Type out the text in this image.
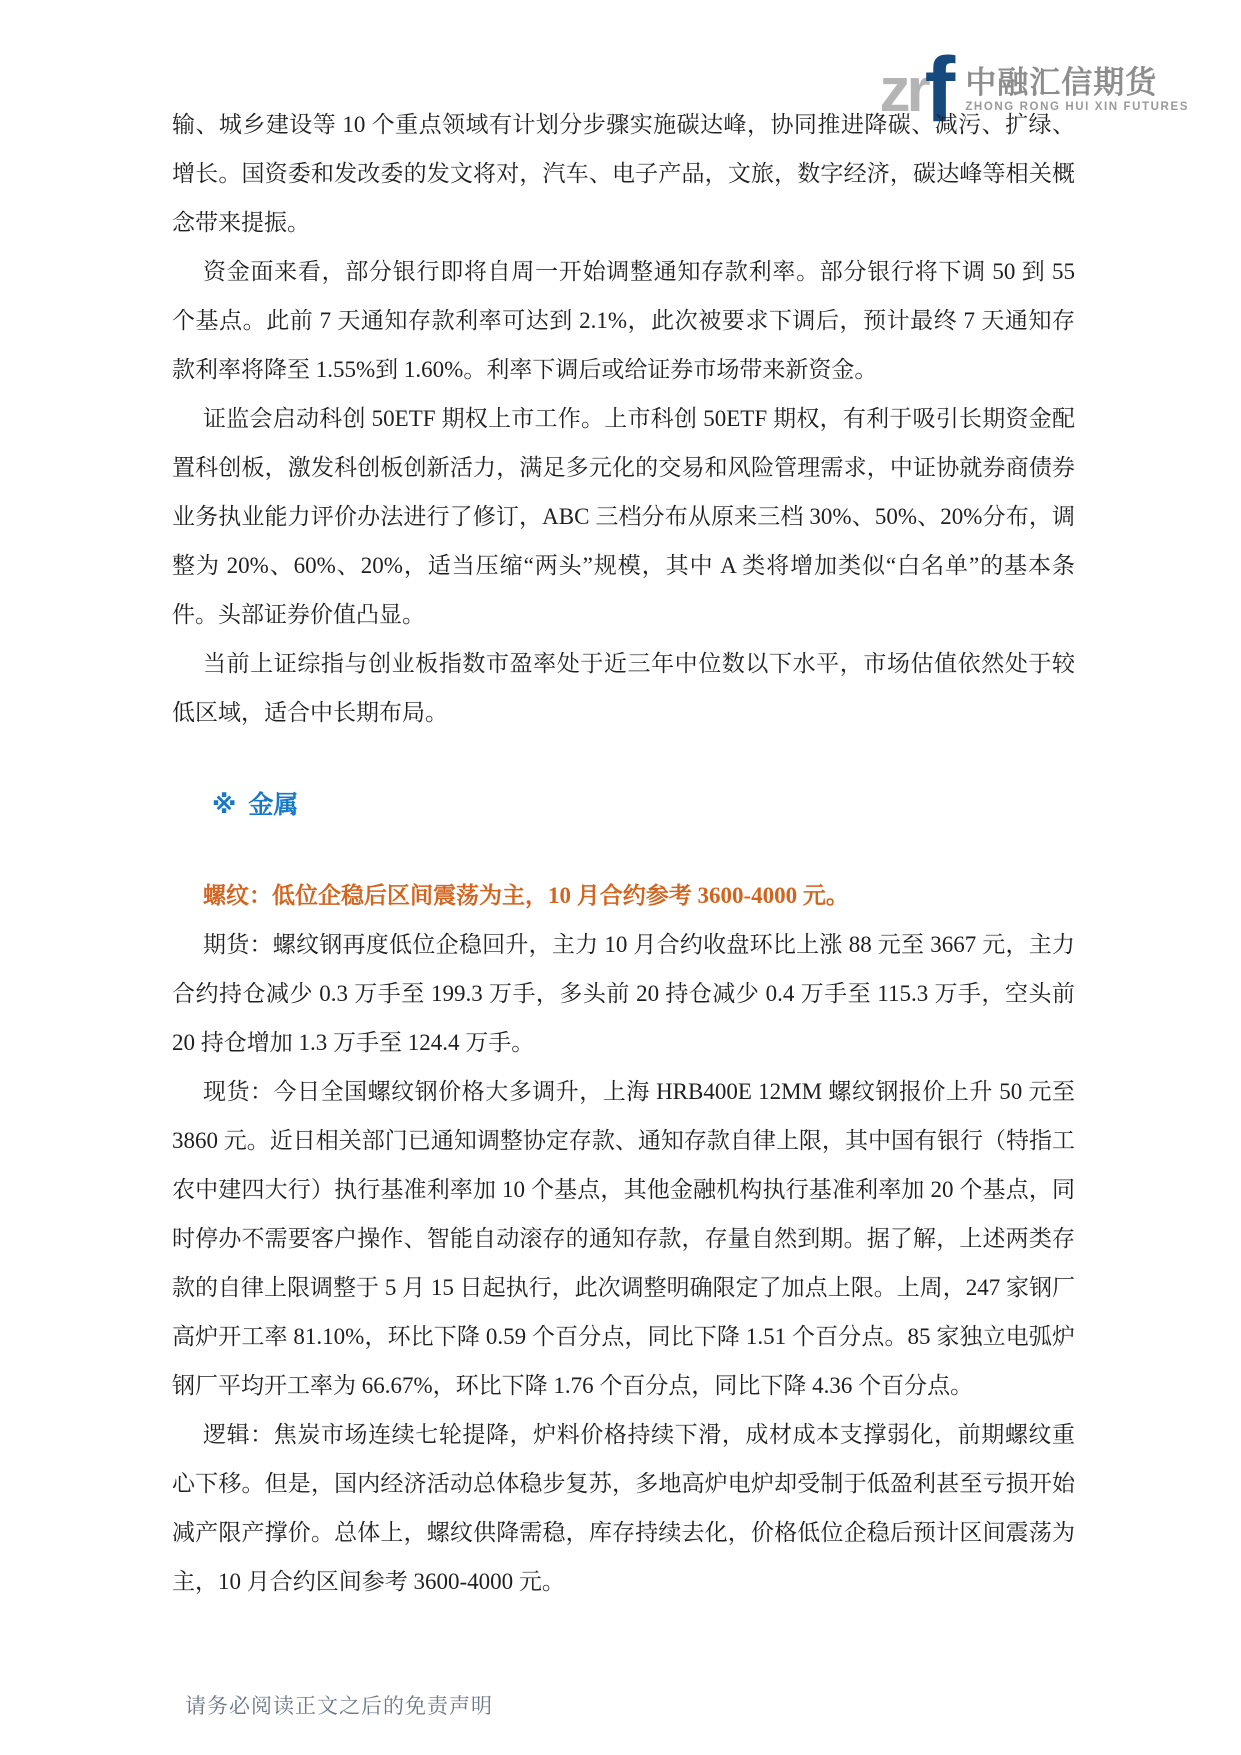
z r
f 中融汇信期货
ZHONG RONG HUI XIN FUTURES

输、城乡建设等 10 个重点领域有计划分步骤实施碳达峰，协同推进降碳、减污、扩绿、增长。国资委和发改委的发文将对，汽车、电子产品，文旅，数字经济，碳达峰等相关概念带来提振。

资金面来看，部分银行即将自周一开始调整通知存款利率。部分银行将下调 50 到 55 个基点。此前 7 天通知存款利率可达到 2.1%，此次被要求下调后，预计最终 7 天通知存款利率将降至 1.55%到 1.60%。利率下调后或给证券市场带来新资金。

证监会启动科创 50ETF 期权上市工作。上市科创 50ETF 期权，有利于吸引长期资金配置科创板，激发科创板创新活力，满足多元化的交易和风险管理需求，中证协就券商债券业务执业能力评价办法进行了修订，ABC 三档分布从原来三档 30%、50%、20%分布，调整为 20%、60%、20%，适当压缩“两头”规模，其中 A 类将增加类似“白名单”的基本条件。头部证券价值凸显。

当前上证综指与创业板指数市盈率处于近三年中位数以下水平，市场估值依然处于较低区域，适合中长期布局。

※ 金属
螺纹：低位企稳后区间震荡为主，10 月合约参考 3600-4000 元。

期货：螺纹钢再度低位企稳回升，主力 10 月合约收盘环比上涨 88 元至 3667 元，主力合约持仓减少 0.3 万手至 199.3 万手，多头前 20 持仓减少 0.4 万手至 115.3 万手，空头前 20 持仓增加 1.3 万手至 124.4 万手。

现货：今日全国螺纹钢价格大多调升，上海 HRB400E 12MM 螺纹钢报价上升 50 元至 3860 元。近日相关部门已通知调整协定存款、通知存款自律上限，其中国有银行（特指工农中建四大行）执行基准利率加 10 个基点，其他金融机构执行基准利率加 20 个基点，同时停办不需要客户操作、智能自动滚存的通知存款，存量自然到期。据了解，上述两类存款的自律上限调整于 5 月 15 日起执行，此次调整明确限定了加点上限。上周，247 家钢厂高炉开工率 81.10%，环比下降 0.59 个百分点，同比下降 1.51 个百分点。85 家独立电弧炉钢厂平均开工率为 66.67%，环比下降 1.76 个百分点，同比下降 4.36 个百分点。

逻辑：焦炭市场连续七轮提降，炉料价格持续下滑，成材成本支撑弱化，前期螺纹重心下移。但是，国内经济活动总体稳步复苏，多地高炉电炉却受制于低盈利甚至亏损开始减产限产撑价。总体上，螺纹供降需稳，库存持续去化，价格低位企稳后预计区间震荡为主，10 月合约区间参考 3600-4000 元。

请务必阅读正文之后的免责声明
